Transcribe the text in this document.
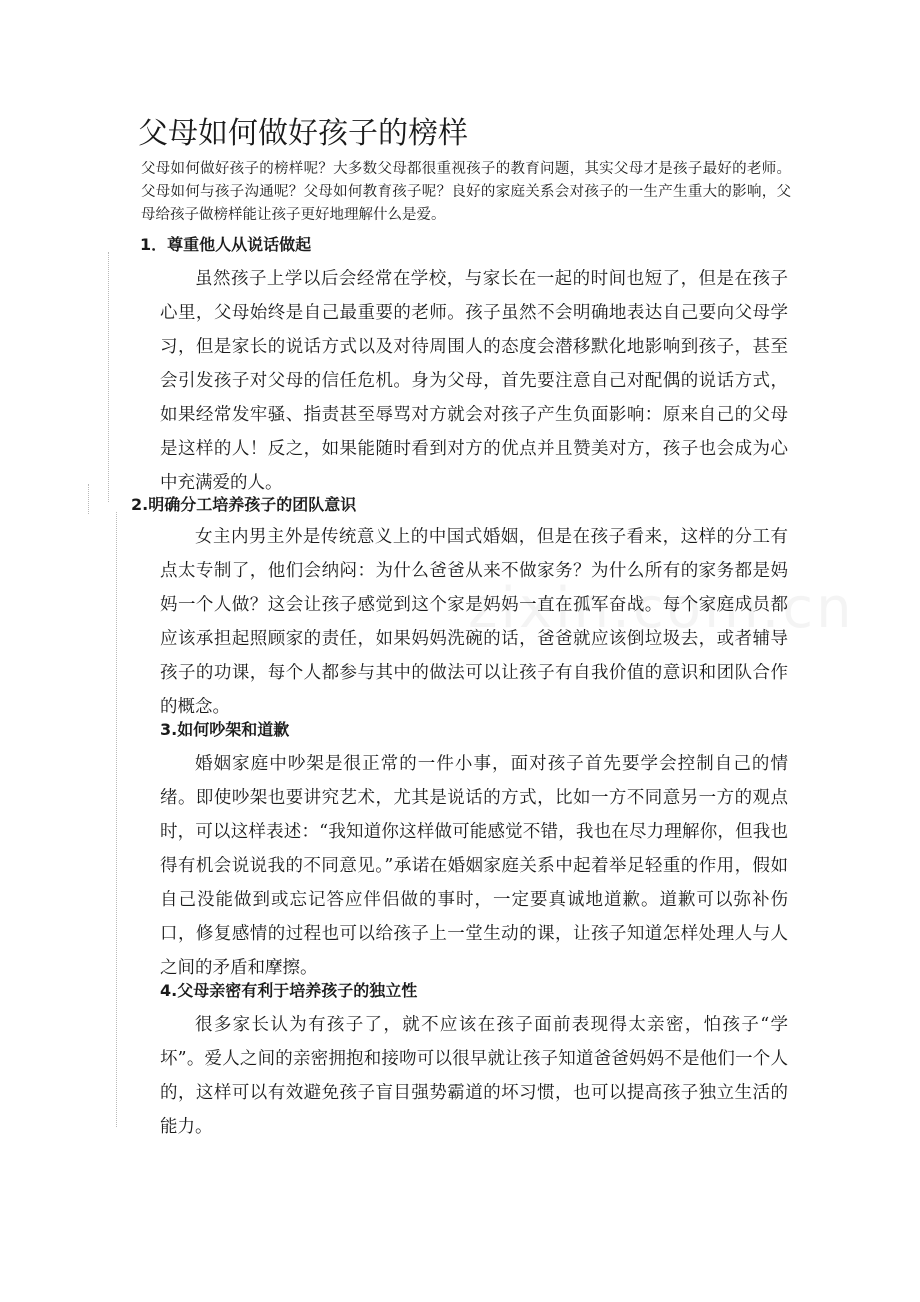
父母如何做好孩子的榜样

父母如何做好孩子的榜样呢？大多数父母都很重视孩子的教育问题，其实父母才是孩子最好的老师。父母如何与孩子沟通呢？父母如何教育孩子呢？良好的家庭关系会对孩子的一生产生重大的影响，父母给孩子做榜样能让孩子更好地理解什么是爱。

1．尊重他人从说话做起

虽然孩子上学以后会经常在学校，与家长在一起的时间也短了，但是在孩子心里，父母始终是自己最重要的老师。孩子虽然不会明确地表达自己要向父母学习，但是家长的说话方式以及对待周围人的态度会潜移默化地影响到孩子，甚至会引发孩子对父母的信任危机。身为父母，首先要注意自己对配偶的说话方式，如果经常发牢骚、指责甚至辱骂对方就会对孩子产生负面影响：原来自己的父母是这样的人！反之，如果能随时看到对方的优点并且赞美对方，孩子也会成为心中充满爱的人。

2.明确分工培养孩子的团队意识

女主内男主外是传统意义上的中国式婚姻，但是在孩子看来，这样的分工有点太专制了，他们会纳闷：为什么爸爸从来不做家务？为什么所有的家务都是妈妈一个人做？这会让孩子感觉到这个家是妈妈一直在孤军奋战。每个家庭成员都应该承担起照顾家的责任，如果妈妈洗碗的话，爸爸就应该倒垃圾去，或者辅导孩子的功课，每个人都参与其中的做法可以让孩子有自我价值的意识和团队合作的概念。

3.如何吵架和道歉

婚姻家庭中吵架是很正常的一件小事，面对孩子首先要学会控制自己的情绪。即使吵架也要讲究艺术，尤其是说话的方式，比如一方不同意另一方的观点时，可以这样表述：“我知道你这样做可能感觉不错，我也在尽力理解你，但我也得有机会说说我的不同意见。”承诺在婚姻家庭关系中起着举足轻重的作用，假如自己没能做到或忘记答应伴侣做的事时，一定要真诚地道歉。道歉可以弥补伤口，修复感情的过程也可以给孩子上一堂生动的课，让孩子知道怎样处理人与人之间的矛盾和摩擦。

4.父母亲密有利于培养孩子的独立性

很多家长认为有孩子了，就不应该在孩子面前表现得太亲密，怕孩子“学坏”。爱人之间的亲密拥抱和接吻可以很早就让孩子知道爸爸妈妈不是他们一个人的，这样可以有效避免孩子盲目强势霸道的坏习惯，也可以提高孩子独立生活的能力。
